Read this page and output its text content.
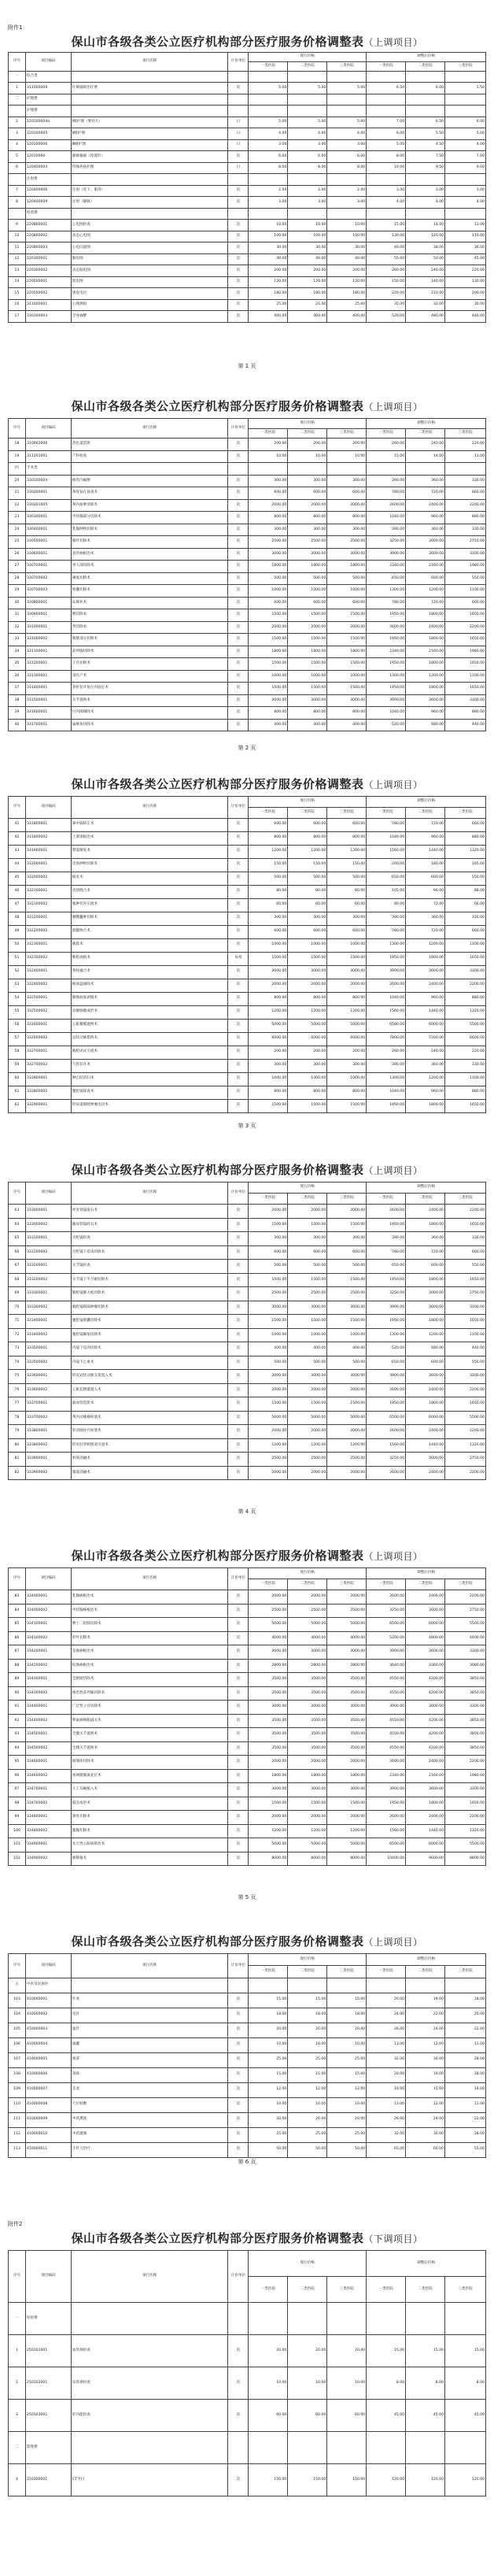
附件1
保山市各级各类公立医疗机构部分医疗服务价格调整表（上调项目）
序号	项目编码	项目名称	计价单位	现行价格			调整后价格		
				一类医院	二类医院	三类医院	一类医院	二类医院	三类医院
一	综合类								
1	311000009	针刺辅助治疗费	次	5.00	5.00	5.00	6.50	6.00	5.50
二	护理费								
	护理费								
2	120100004a	Ⅰ级护理（婴幼儿）	日	5.00	5.00	5.00	7.00	6.50	6.00
3	120100005	Ⅱ级护理	日	4.00	4.00	4.00	6.00	5.50	5.00
4	120100006	Ⅲ级护理	日	3.00	3.00	3.00	5.00	4.50	4.00
5	12010000	静脉输液（留置针）	次	6.00	6.00	6.00	8.00	7.50	7.00
6	120400003	特殊疾病护理	日	8.00	8.00	8.00	10.00	9.50	9.00
	注射费								
7	120400006	注射（皮下、肌肉）	次	2.00	2.00	2.00	3.00	3.00	3.00
8	120400009	注射（静脉）	次	3.00	3.00	3.00	4.00	4.00	4.00
	检查费								
9	220800001	心电图检查	次	10.00	10.00	10.00	15.00	14.00	13.00
10	220800002	动态心电图	次	100.00	100.00	100.00	130.00	120.00	110.00
11	220800003	心电向量图	次	30.00	30.00	30.00	40.00	38.00	36.00
12	220300001	脑电图	次	40.00	40.00	40.00	55.00	50.00	45.00
13	220300002	动态脑电图	次	200.00	200.00	200.00	260.00	240.00	220.00
14	220500001	肌电图	次	120.00	120.00	120.00	150.00	140.00	130.00
15	220500002	诱发电位	次	180.00	180.00	180.00	220.00	210.00	200.00
16	311000001	心理测验	次	25.00	25.00	25.00	35.00	32.00	30.00
17	330100003	全身麻醉	次	400.00	400.00	400.00	520.00	480.00	440.00
第 1 页
保山市各级各类公立医疗机构部分医疗服务价格调整表（上调项目）
序号	项目编码	项目名称	计价单位	现行价格			调整后价格		
				一类医院	二类医院	三类医院	一类医院	二类医院	三类医院
18	310902006	消化道造影	次	200.00	200.00	200.00	260.00	240.00	220.00
19	311201001	产科检查	次	10.00	10.00	10.00	15.00	14.00	13.00
四	手术类								
20	330100004	椎管内麻醉	次	300.00	300.00	300.00	390.00	360.00	330.00
21	330200001	颅骨钻孔探查术	次	600.00	600.00	600.00	780.00	720.00	660.00
22	330201005	颅内血肿清除术	次	2000.00	2000.00	2000.00	2600.00	2400.00	2200.00
23	330300001	甲状腺部分切除术	次	800.00	800.00	800.00	1040.00	960.00	880.00
24	330400001	乳腺肿物切除术	次	300.00	300.00	300.00	390.00	360.00	330.00
25	330500001	肺叶切除术	次	2500.00	2500.00	2500.00	3250.00	3000.00	2750.00
26	330600001	食管癌根治术	次	3000.00	3000.00	3000.00	3900.00	3600.00	3300.00
27	330700001	胃大部切除术	次	1800.00	1800.00	1800.00	2340.00	2160.00	1980.00
28	330700002	阑尾切除术	次	500.00	500.00	500.00	650.00	600.00	550.00
29	330700003	胆囊切除术	次	1000.00	1000.00	1000.00	1300.00	1200.00	1100.00
30	330800001	疝修补术	次	600.00	600.00	600.00	780.00	720.00	660.00
31	330900001	脾切除术	次	1500.00	1500.00	1500.00	1950.00	1800.00	1650.00
32	331000001	肾切除术	次	2000.00	2000.00	2000.00	2600.00	2400.00	2200.00
33	331000002	膀胱部分切除术	次	1500.00	1500.00	1500.00	1950.00	1800.00	1650.00
34	331100001	前列腺切除术	次	1800.00	1800.00	1800.00	2340.00	2160.00	1980.00
35	331200001	子宫切除术	次	1500.00	1500.00	1500.00	1950.00	1800.00	1650.00
36	331300001	剖宫产术	次	1000.00	1000.00	1000.00	1300.00	1200.00	1100.00
37	331400001	骨折切开复位内固定术	次	1500.00	1500.00	1500.00	1950.00	1800.00	1650.00
38	331500001	关节置换术	次	3000.00	3000.00	3000.00	3900.00	3600.00	3300.00
39	331600001	白内障摘除术	次	800.00	800.00	800.00	1040.00	960.00	880.00
40	331700001	扁桃体切除术	次	400.00	400.00	400.00	520.00	480.00	440.00
第 2 页
保山市各级各类公立医疗机构部分医疗服务价格调整表（上调项目）
序号	项目编码	项目名称	计价单位	现行价格			调整后价格		
				一类医院	二类医院	三类医院	一类医院	二类医院	三类医院
41	331800001	鼻中隔矫正术	次	600.00	600.00	600.00	780.00	720.00	660.00
42	331800002	上颌窦根治术	次	800.00	800.00	800.00	1040.00	960.00	880.00
43	331900001	腭裂修复术	次	1200.00	1200.00	1200.00	1560.00	1440.00	1320.00
44	332000001	皮肤肿物切除术	次	150.00	150.00	150.00	200.00	180.00	165.00
45	332000002	植皮术	次	500.00	500.00	500.00	650.00	600.00	550.00
46	332100001	清创缝合术	次	80.00	80.00	80.00	105.00	96.00	88.00
47	332100002	脓肿切开引流术	次	60.00	60.00	60.00	80.00	72.00	66.00
48	332200001	腱鞘囊肿切除术	次	300.00	300.00	300.00	390.00	360.00	330.00
49	332200002	肌腱吻合术	次	600.00	600.00	600.00	780.00	720.00	660.00
50	332300001	截肢术	次	1000.00	1000.00	1000.00	1300.00	1200.00	1100.00
51	332300002	断指再植术	每指	1500.00	1500.00	1500.00	1950.00	1800.00	1650.00
52	332400001	脊柱融合术	次	3000.00	3000.00	3000.00	3900.00	3600.00	3300.00
53	332400002	椎间盘摘除术	次	2000.00	2000.00	2000.00	2600.00	2400.00	2200.00
54	332500001	静脉曲张剥脱术	次	800.00	800.00	800.00	1040.00	960.00	880.00
55	332500002	动静脉瘘成形术	次	1200.00	1200.00	1200.00	1560.00	1440.00	1320.00
56	332600001	心脏瓣膜置换术	次	5000.00	5000.00	5000.00	6500.00	6000.00	5500.00
57	332600002	冠状动脉搭桥术	次	6000.00	6000.00	6000.00	7800.00	7200.00	6600.00
58	332700001	胸腔闭式引流术	次	200.00	200.00	200.00	260.00	240.00	220.00
59	332700002	气管切开术	次	300.00	300.00	300.00	390.00	360.00	330.00
60	332800001	淋巴结清扫术	次	1000.00	1000.00	1000.00	1300.00	1200.00	1100.00
61	332800002	腹腔镜探查术	次	800.00	800.00	800.00	1040.00	960.00	880.00
62	332900001	经尿道膀胱肿瘤电切术	次	1500.00	1500.00	1500.00	1950.00	1800.00	1650.00
第 3 页
保山市各级各类公立医疗机构部分医疗服务价格调整表（上调项目）
序号	项目编码	项目名称	计价单位	现行价格			调整后价格		
				一类医院	二类医院	三类医院	一类医院	二类医院	三类医院
63	333000001	经皮肾镜取石术	次	2000.00	2000.00	2000.00	2600.00	2400.00	2200.00
64	333000002	输尿管镜碎石术	次	1500.00	1500.00	1500.00	1950.00	1800.00	1650.00
65	333100001	宫腔镜检查	次	300.00	300.00	300.00	390.00	360.00	330.00
66	333100002	宫腔镜下息肉切除术	次	600.00	600.00	600.00	780.00	720.00	660.00
67	333200001	关节镜检查	次	500.00	500.00	500.00	650.00	600.00	550.00
68	333200002	关节镜下半月板切除术	次	1500.00	1500.00	1500.00	1950.00	1800.00	1650.00
69	333300001	胸腔镜肺大疱切除术	次	2500.00	2500.00	2500.00	3250.00	3000.00	2750.00
70	333300002	胸腔镜纵隔肿瘤切除术	次	3000.00	3000.00	3000.00	3900.00	3600.00	3300.00
71	333400001	腹腔镜胆囊切除术	次	1500.00	1500.00	1500.00	1950.00	1800.00	1650.00
72	333400002	腹腔镜阑尾切除术	次	1000.00	1000.00	1000.00	1300.00	1200.00	1100.00
73	333500001	内镜下息肉切除术	次	400.00	400.00	400.00	520.00	480.00	440.00
74	333500002	内镜下止血术	次	500.00	500.00	500.00	650.00	600.00	550.00
75	333600001	经皮冠状动脉支架置入术	次	3000.00	3000.00	3000.00	3900.00	3600.00	3300.00
76	333600002	心脏起搏器置入术	次	2000.00	2000.00	2000.00	2600.00	2400.00	2200.00
77	333700001	脑血管造影术	次	1500.00	1500.00	1500.00	1950.00	1800.00	1650.00
78	333700002	颅内动脉瘤栓塞术	次	5000.00	5000.00	5000.00	6500.00	6000.00	5500.00
79	333800001	肝动脉化疗栓塞术	次	2000.00	2000.00	2000.00	2600.00	2400.00	2200.00
80	333800002	经皮肝穿刺胆道引流术	次	1200.00	1200.00	1200.00	1560.00	1440.00	1320.00
81	333900001	射频消融术	次	2500.00	2500.00	2500.00	3250.00	3000.00	2750.00
82	333900002	微波消融术	次	2000.00	2000.00	2000.00	2600.00	2400.00	2200.00
第 4 页
保山市各级各类公立医疗机构部分医疗服务价格调整表（上调项目）
序号	项目编码	项目名称	计价单位	现行价格			调整后价格		
				一类医院	二类医院	三类医院	一类医院	二类医院	三类医院
83	334000001	乳腺癌根治术	次	2000.00	2000.00	2000.00	2600.00	2400.00	2200.00
84	334000002	甲状腺癌根治术	次	2500.00	2500.00	2500.00	3250.00	3000.00	2750.00
85	334100001	胰十二指肠切除术	次	5000.00	5000.00	5000.00	6500.00	6000.00	5500.00
86	334100002	肝叶切除术	次	4000.00	4000.00	4000.00	5200.00	4800.00	4400.00
87	334200001	直肠癌根治术	次	3000.00	3000.00	3000.00	3900.00	3600.00	3300.00
88	334200002	结肠癌根治术	次	2800.00	2800.00	2800.00	3640.00	3360.00	3080.00
89	334300001	全膀胱切除术	次	3500.00	3500.00	3500.00	4550.00	4200.00	3850.00
90	334300002	根治性前列腺切除术	次	3500.00	3500.00	3500.00	4550.00	4200.00	3850.00
91	334400001	广泛性子宫切除术	次	3000.00	3000.00	3000.00	3900.00	3600.00	3300.00
92	334400002	卵巢癌细胞减灭术	次	3500.00	3500.00	3500.00	4550.00	4200.00	3850.00
93	334500001	全髋关节置换术	次	3500.00	3500.00	3500.00	4550.00	4200.00	3850.00
94	334500002	全膝关节置换术	次	3500.00	3500.00	3500.00	4550.00	4200.00	3850.00
95	334600001	玻璃体切除术	次	2000.00	2000.00	2000.00	2600.00	2400.00	2200.00
96	334600002	视网膜脱离复位术	次	1800.00	1800.00	1800.00	2340.00	2160.00	1980.00
97	334700001	人工耳蜗植入术	次	3000.00	3000.00	3000.00	3900.00	3600.00	3300.00
98	334700002	鼓室成形术	次	1500.00	1500.00	1500.00	1950.00	1800.00	1650.00
99	334800001	颌骨切除术	次	2000.00	2000.00	2000.00	2600.00	2400.00	2200.00
100	334800002	腮腺切除术	次	1200.00	1200.00	1200.00	1560.00	1440.00	1320.00
101	334900001	先天性心脏病矫治术	次	5000.00	5000.00	5000.00	6500.00	6000.00	5500.00
102	334900002	肺移植术	次	8000.00	8000.00	8000.00	10400.00	9600.00	8800.00
第 5 页
保山市各级各类公立医疗机构部分医疗服务价格调整表（上调项目）
序号	项目编码	项目名称	计价单位	现行价格			调整后价格		
				一类医院	二类医院	三类医院	一类医院	二类医院	三类医院
五	中医及民族医								
103	410000001	针灸	次	15.00	15.00	15.00	20.00	19.00	18.00
104	410000002	电针	次	18.00	18.00	18.00	24.00	22.00	20.00
105	410000003	温针	次	20.00	20.00	20.00	26.00	24.00	22.00
106	410000004	拔罐	次	10.00	10.00	10.00	13.00	12.00	11.00
107	410000005	推拿	次	25.00	25.00	25.00	32.00	30.00	28.00
108	410000006	刮痧	次	15.00	15.00	15.00	20.00	19.00	18.00
109	410000007	艾灸	次	12.00	12.00	12.00	16.00	15.00	14.00
110	410000008	穴位贴敷	次	10.00	10.00	10.00	13.00	12.00	11.00
111	410000009	中药熏洗	次	20.00	20.00	20.00	26.00	24.00	22.00
112	410000010	中药灌肠	次	25.00	25.00	25.00	32.00	30.00	28.00
113	410000011	小针刀治疗	次	50.00	50.00	50.00	65.00	60.00	55.00
第 6 页
附件2
保山市各级各类公立医疗机构部分医疗服务价格调整表（下调项目）
序号	项目编码	项目名称	计价单位	现行价格			调整后价格		
				一类医院	二类医院	三类医院	一类医院	二类医院	三类医院
一	检验费								
1	250101001	血常规检查	次	20.00	20.00	20.00	15.00	15.00	15.00
2	250102001	尿常规检查	次	10.00	10.00	10.00	8.00	8.00	8.00
3	250103001	肝功能检查	次	60.00	60.00	60.00	45.00	45.00	45.00
二	影像费								
4	210300001	CT平扫	次	150.00	150.00	150.00	120.00	120.00	120.00
